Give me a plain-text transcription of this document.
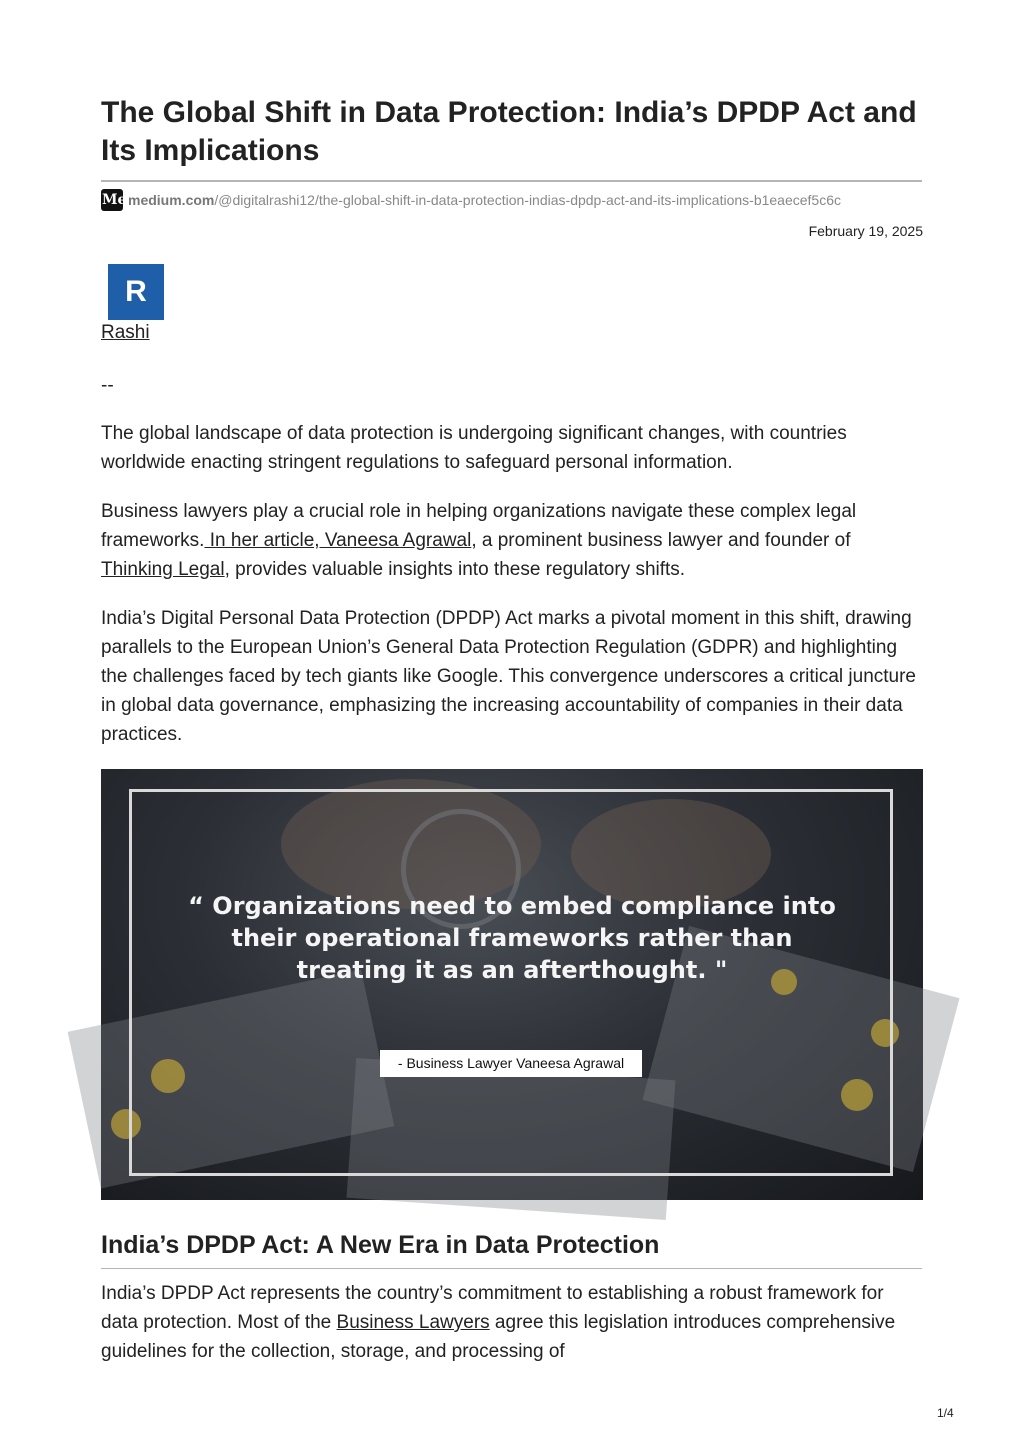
The Global Shift in Data Protection: India’s DPDP Act and Its Implications
Me medium.com /@digitalrashi12/the-global-shift-in-data-protection-indias-dpdp-act-and-its-implications-b1eaecef5c6c
February 19, 2025
R
Rashi
--

The global landscape of data protection is undergoing significant changes, with countries worldwide enacting stringent regulations to safeguard personal information.

Business lawyers play a crucial role in helping organizations navigate these complex legal frameworks. In her article, Vaneesa Agrawal, a prominent business lawyer and founder of Thinking Legal, provides valuable insights into these regulatory shifts.

India’s Digital Personal Data Protection (DPDP) Act marks a pivotal moment in this shift, drawing parallels to the European Union’s General Data Protection Regulation (GDPR) and highlighting the challenges faced by tech giants like Google. This convergence underscores a critical juncture in global data governance, emphasizing the increasing accountability of companies in their data practices.

“ Organizations need to embed compliance into
their operational frameworks rather than
treating it as an afterthought. "

- Business Lawyer Vaneesa Agrawal
India’s DPDP Act: A New Era in Data Protection

India’s DPDP Act represents the country’s commitment to establishing a robust framework for data protection. Most of the Business Lawyers agree this legislation introduces comprehensive guidelines for the collection, storage, and processing of

1/4
